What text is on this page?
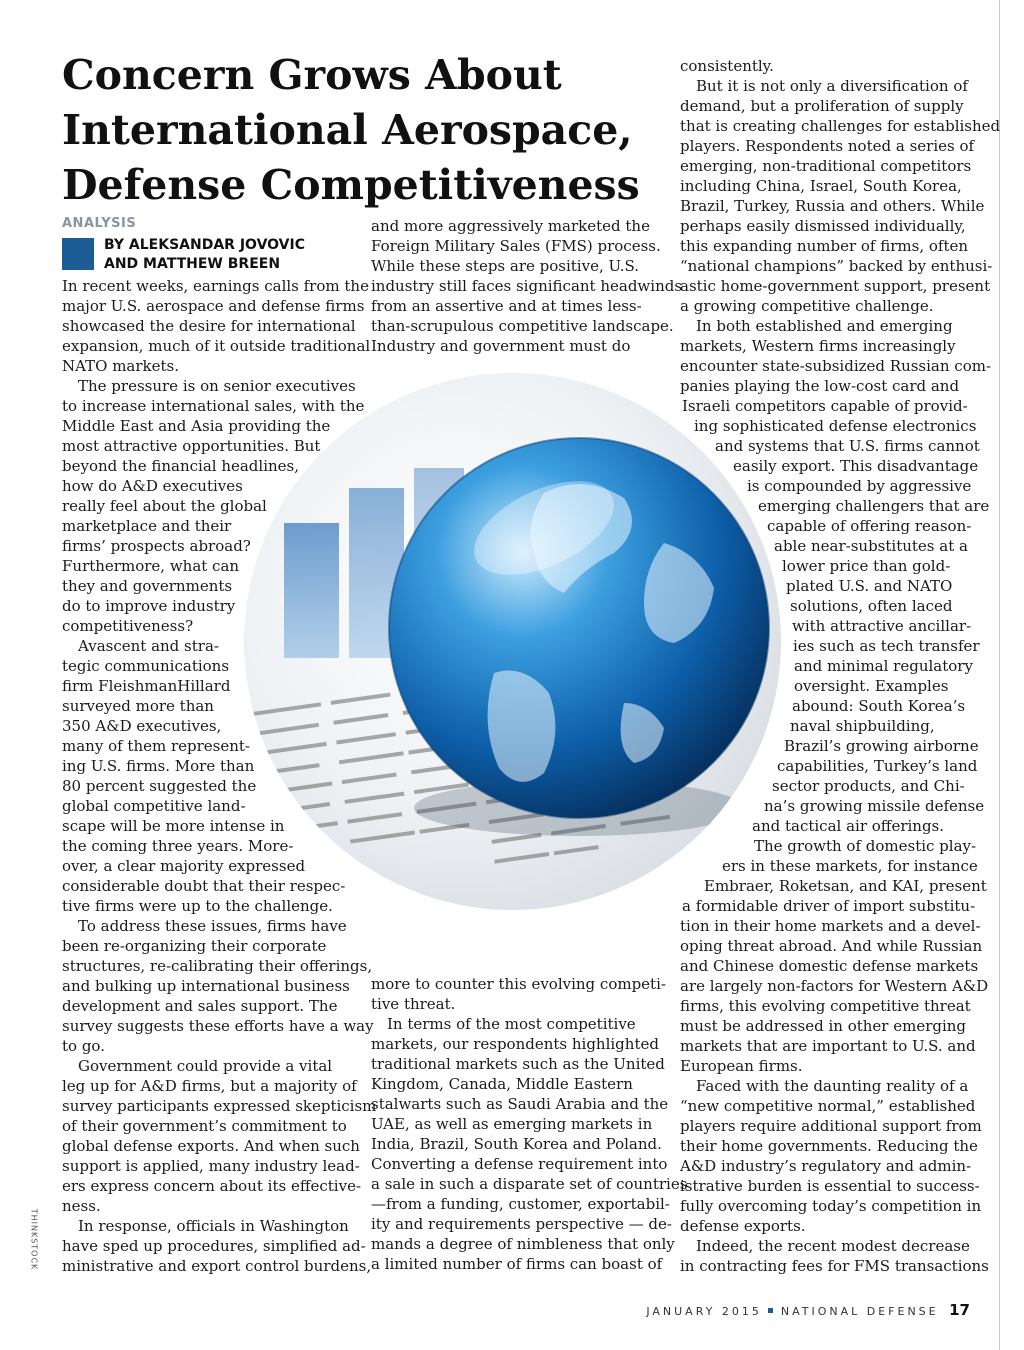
Concern Grows About
International Aerospace,
Defense Competitiveness
ANALYSIS
BY ALEKSANDAR JOVOVIC
AND MATTHEW BREEN
In recent weeks, earnings calls from the
major U.S. aerospace and defense firms
showcased the desire for international
expansion, much of it outside traditional
NATO markets.
The pressure is on senior executives
to increase international sales, with the
Middle East and Asia providing the
most attractive opportunities. But
beyond the financial headlines,
how do A&D executives
really feel about the global
marketplace and their
firms’ prospects abroad?
Furthermore, what can
they and governments
do to improve industry
competitiveness?
Avascent and stra-
tegic communications
firm FleishmanHillard
surveyed more than
350 A&D executives,
many of them represent-
ing U.S. firms. More than
80 percent suggested the
global competitive land-
scape will be more intense in
the coming three years. More-
over, a clear majority expressed
considerable doubt that their respec-
tive firms were up to the challenge.
To address these issues, firms have
been re-organizing their corporate
structures, re-calibrating their offerings,
and bulking up international business
development and sales support. The
survey suggests these efforts have a way
to go.
Government could provide a vital
leg up for A&D firms, but a majority of
survey participants expressed skepticism
of their government’s commitment to
global defense exports. And when such
support is applied, many industry lead-
ers express concern about its effective-
ness.
In response, officials in Washington
have sped up procedures, simplified ad-
ministrative and export control burdens,
and more aggressively marketed the
Foreign Military Sales (FMS) process.
While these steps are positive, U.S.
industry still faces significant headwinds
from an assertive and at times less-
than-scrupulous competitive landscape.
Industry and government must do
more to counter this evolving competi-
tive threat.
In terms of the most competitive
markets, our respondents highlighted
traditional markets such as the United
Kingdom, Canada, Middle Eastern
stalwarts such as Saudi Arabia and the
UAE, as well as emerging markets in
India, Brazil, South Korea and Poland.
Converting a defense requirement into
a sale in such a disparate set of countries
—from a funding, customer, exportabil-
ity and requirements perspective — de-
mands a degree of nimbleness that only
a limited number of firms can boast of
consistently.
But it is not only a diversification of
demand, but a proliferation of supply
that is creating challenges for established
players. Respondents noted a series of
emerging, non-traditional competitors
including China, Israel, South Korea,
Brazil, Turkey, Russia and others. While
perhaps easily dismissed individually,
this expanding number of firms, often
“national champions” backed by enthusi-
astic home-government support, present
a growing competitive challenge.
In both established and emerging
markets, Western firms increasingly
encounter state-subsidized Russian com-
panies playing the low-cost card and
Israeli competitors capable of provid-
ing sophisticated defense electronics
and systems that U.S. firms cannot
easily export. This disadvantage
is compounded by aggressive
emerging challengers that are
capable of offering reason-
able near-substitutes at a
lower price than gold-
plated U.S. and NATO
solutions, often laced
with attractive ancillar-
ies such as tech transfer
and minimal regulatory
oversight. Examples
abound: South Korea’s
naval shipbuilding,
Brazil’s growing airborne
capabilities, Turkey’s land
sector products, and Chi-
na’s growing missile defense
and tactical air offerings.
The growth of domestic play-
ers in these markets, for instance
Embraer, Roketsan, and KAI, present
a formidable driver of import substitu-
tion in their home markets and a devel-
oping threat abroad. And while Russian
and Chinese domestic defense markets
are largely non-factors for Western A&D
firms, this evolving competitive threat
must be addressed in other emerging
markets that are important to U.S. and
European firms.
Faced with the daunting reality of a
“new competitive normal,” established
players require additional support from
their home governments. Reducing the
A&D industry’s regulatory and admin-
istrative burden is essential to success-
fully overcoming today’s competition in
defense exports.
Indeed, the recent modest decrease
in contracting fees for FMS transactions
THINKSTOCK
JANUARY 2015 NATIONAL DEFENSE 17
